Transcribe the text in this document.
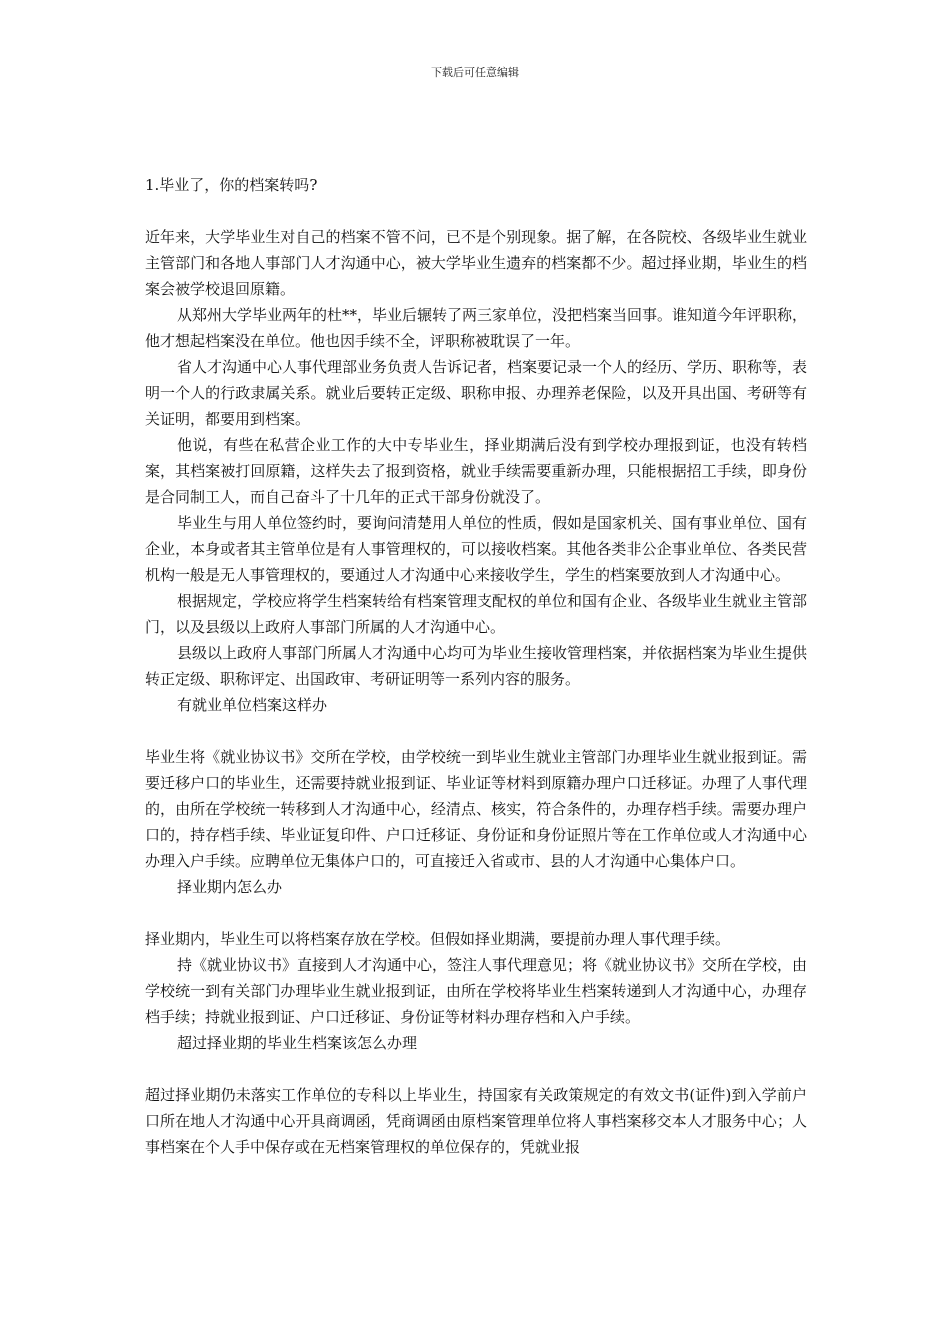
下载后可任意编辑

1.毕业了，你的档案转吗?

近年来，大学毕业生对自己的档案不管不问，已不是个别现象。据了解，在各院校、各级毕业生就业主管部门和各地人事部门人才沟通中心，被大学毕业生遗弃的档案都不少。超过择业期，毕业生的档案会被学校退回原籍。

从郑州大学毕业两年的杜**，毕业后辗转了两三家单位，没把档案当回事。谁知道今年评职称，他才想起档案没在单位。他也因手续不全，评职称被耽误了一年。

省人才沟通中心人事代理部业务负责人告诉记者，档案要记录一个人的经历、学历、职称等，表明一个人的行政隶属关系。就业后要转正定级、职称申报、办理养老保险，以及开具出国、考研等有关证明，都要用到档案。

他说，有些在私营企业工作的大中专毕业生，择业期满后没有到学校办理报到证，也没有转档案，其档案被打回原籍，这样失去了报到资格，就业手续需要重新办理，只能根据招工手续，即身份是合同制工人，而自己奋斗了十几年的正式干部身份就没了。

毕业生与用人单位签约时，要询问清楚用人单位的性质，假如是国家机关、国有事业单位、国有企业，本身或者其主管单位是有人事管理权的，可以接收档案。其他各类非公企事业单位、各类民营机构一般是无人事管理权的，要通过人才沟通中心来接收学生，学生的档案要放到人才沟通中心。

根据规定，学校应将学生档案转给有档案管理支配权的单位和国有企业、各级毕业生就业主管部门，以及县级以上政府人事部门所属的人才沟通中心。

县级以上政府人事部门所属人才沟通中心均可为毕业生接收管理档案，并依据档案为毕业生提供转正定级、职称评定、出国政审、考研证明等一系列内容的服务。

有就业单位档案这样办

毕业生将《就业协议书》交所在学校，由学校统一到毕业生就业主管部门办理毕业生就业报到证。需要迁移户口的毕业生，还需要持就业报到证、毕业证等材料到原籍办理户口迁移证。办理了人事代理的，由所在学校统一转移到人才沟通中心，经清点、核实，符合条件的，办理存档手续。需要办理户口的，持存档手续、毕业证复印件、户口迁移证、身份证和身份证照片等在工作单位或人才沟通中心办理入户手续。应聘单位无集体户口的，可直接迁入省或市、县的人才沟通中心集体户口。

择业期内怎么办

择业期内，毕业生可以将档案存放在学校。但假如择业期满，要提前办理人事代理手续。

持《就业协议书》直接到人才沟通中心，签注人事代理意见；将《就业协议书》交所在学校，由学校统一到有关部门办理毕业生就业报到证，由所在学校将毕业生档案转递到人才沟通中心，办理存档手续；持就业报到证、户口迁移证、身份证等材料办理存档和入户手续。

超过择业期的毕业生档案该怎么办理

超过择业期仍未落实工作单位的专科以上毕业生，持国家有关政策规定的有效文书(证件)到入学前户口所在地人才沟通中心开具商调函，凭商调函由原档案管理单位将人事档案移交本人才服务中心；人事档案在个人手中保存或在无档案管理权的单位保存的，凭就业报
